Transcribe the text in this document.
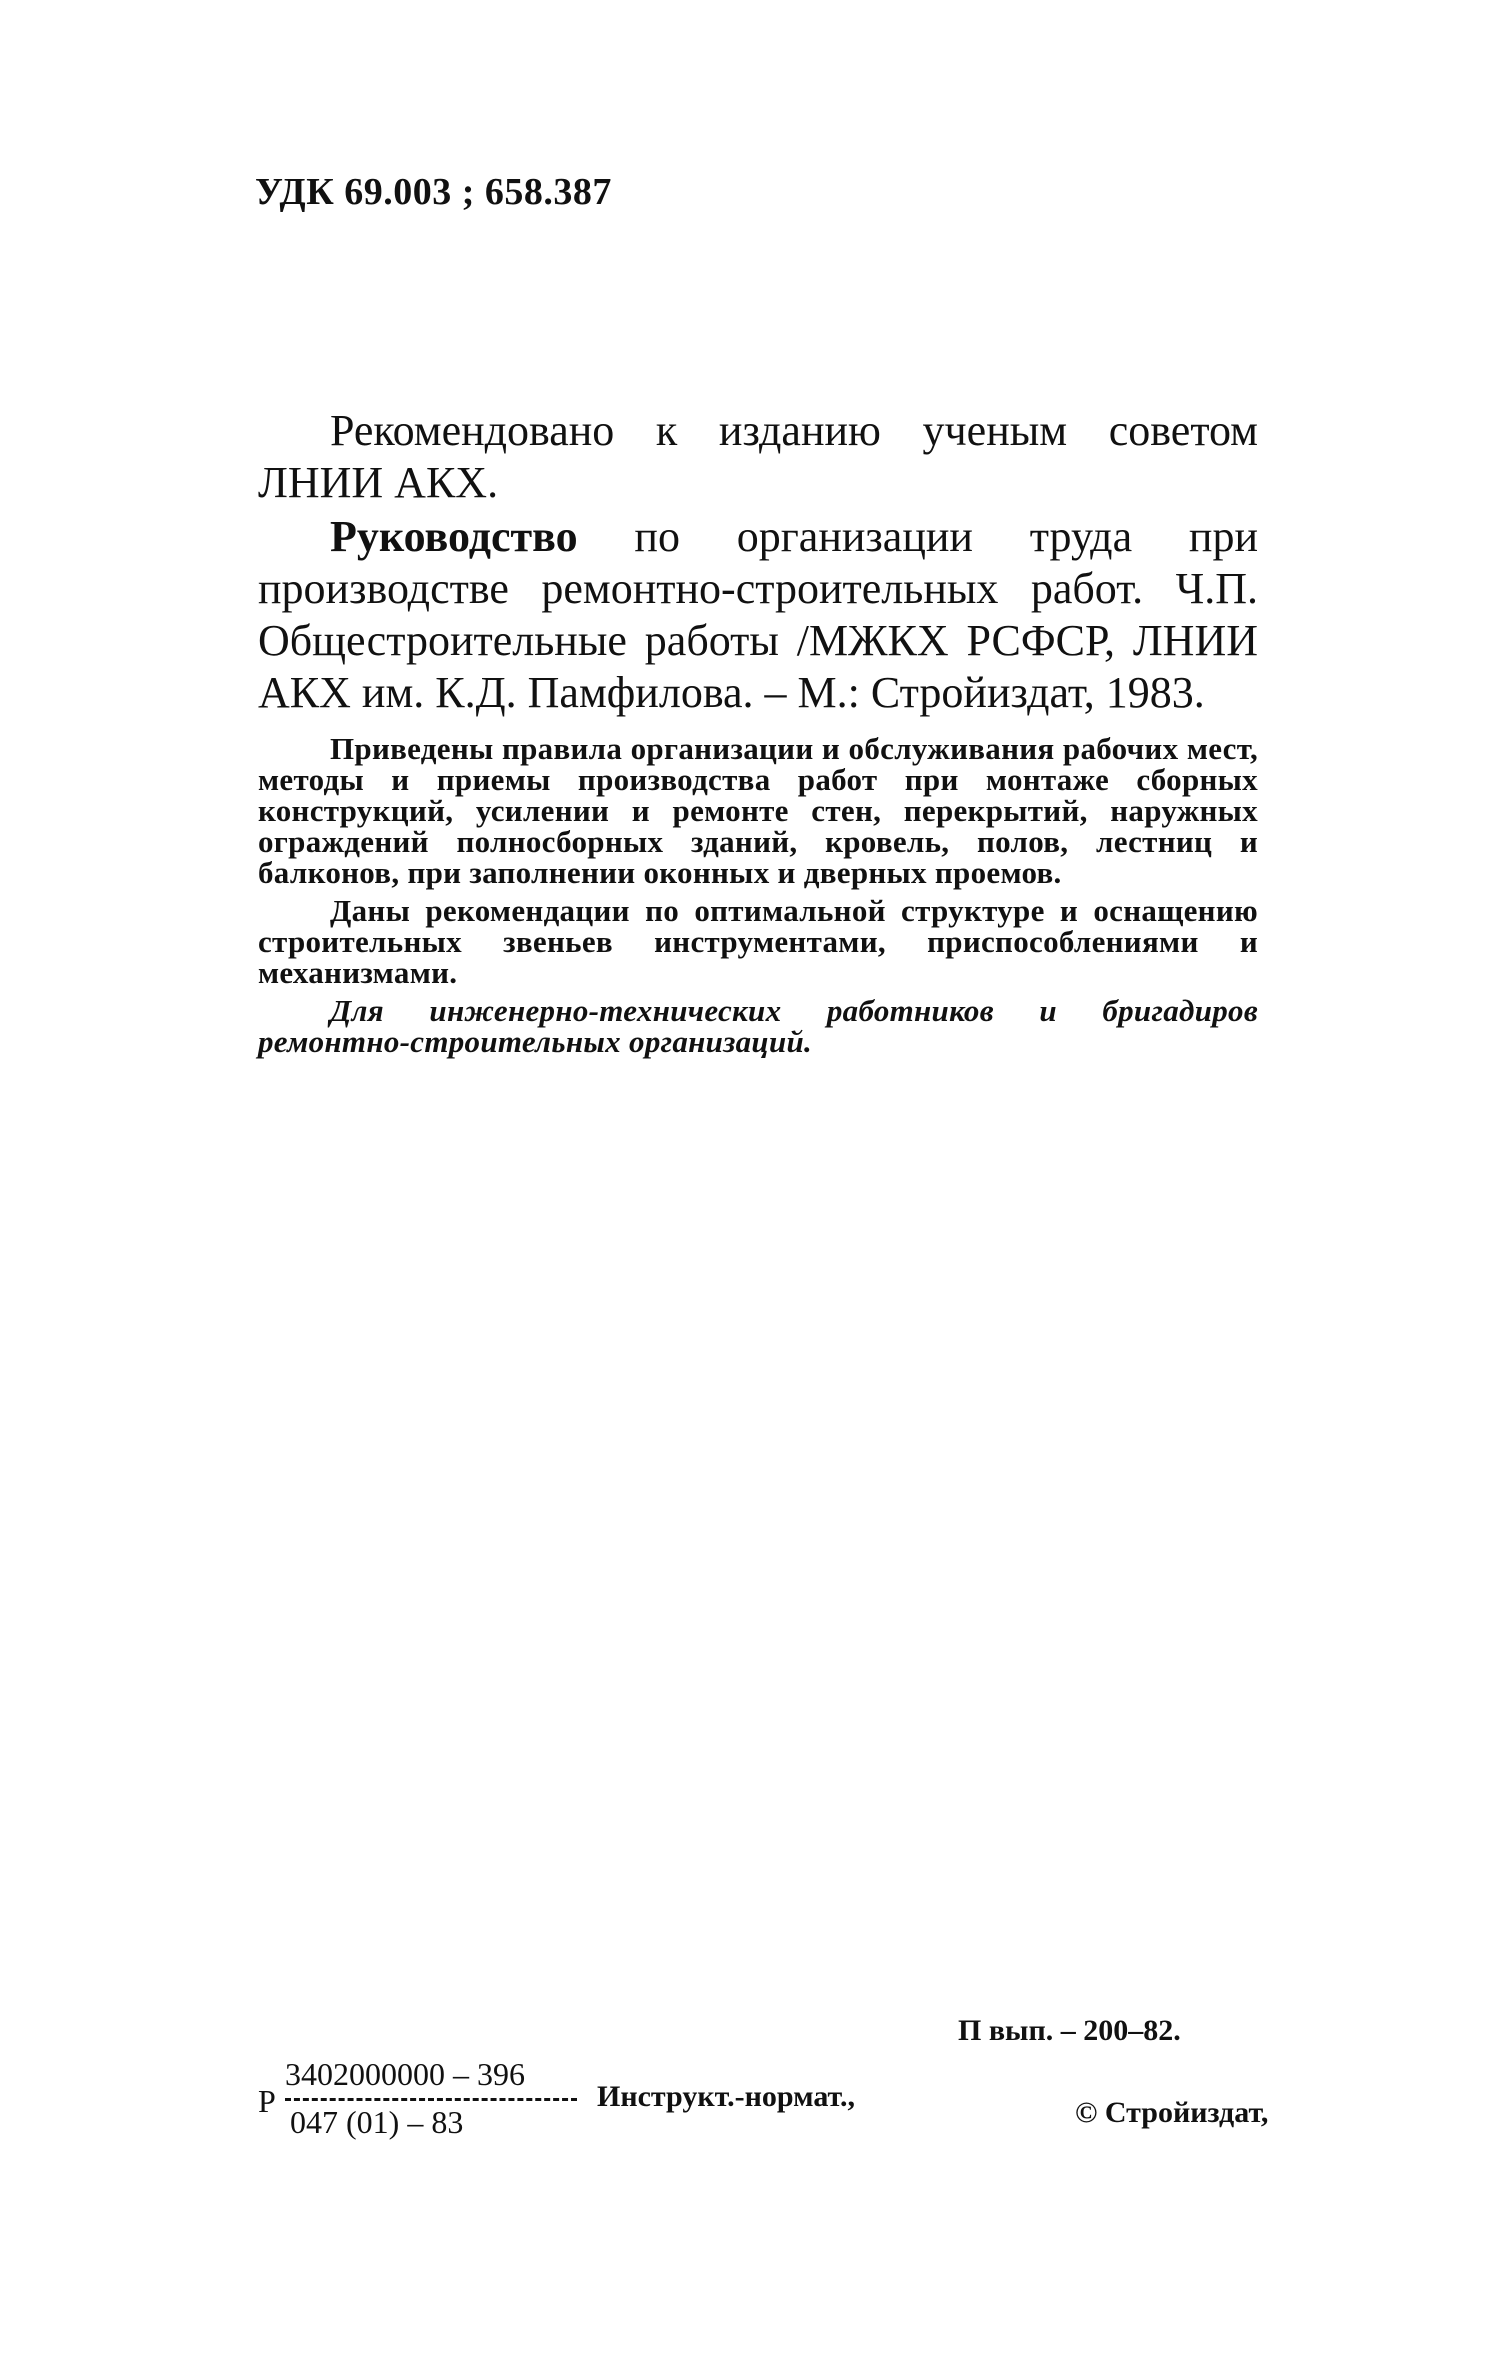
УДК 69.003 ; 658.387

Рекомендовано к изданию ученым советом ЛНИИ АКХ.

Руководство по организации труда при производстве ремонтно-строительных работ. Ч.П. Общестроительные работы /МЖКХ РСФСР, ЛНИИ АКХ им. К.Д. Памфилова. – М.: Стройиздат, 1983.

Приведены правила организации и обслуживания рабочих мест, методы и приемы производства работ при монтаже сборных конструкций, усилении и ремонте стен, перекрытий, наружных ограждений полносборных зданий, кровель, полов, лестниц и балконов, при заполнении оконных и дверных проемов.

Даны рекомендации по оптимальной структуре и оснащению строительных звеньев инструментами, приспособлениями и механизмами.

Для инженерно-технических работников и бригадиров ремонтно-строительных организаций.

П вып. – 200–82.
3402000000 – 396
Р
047 (01) – 83
Инструкт.-нормат.,	© Стройиздат,
